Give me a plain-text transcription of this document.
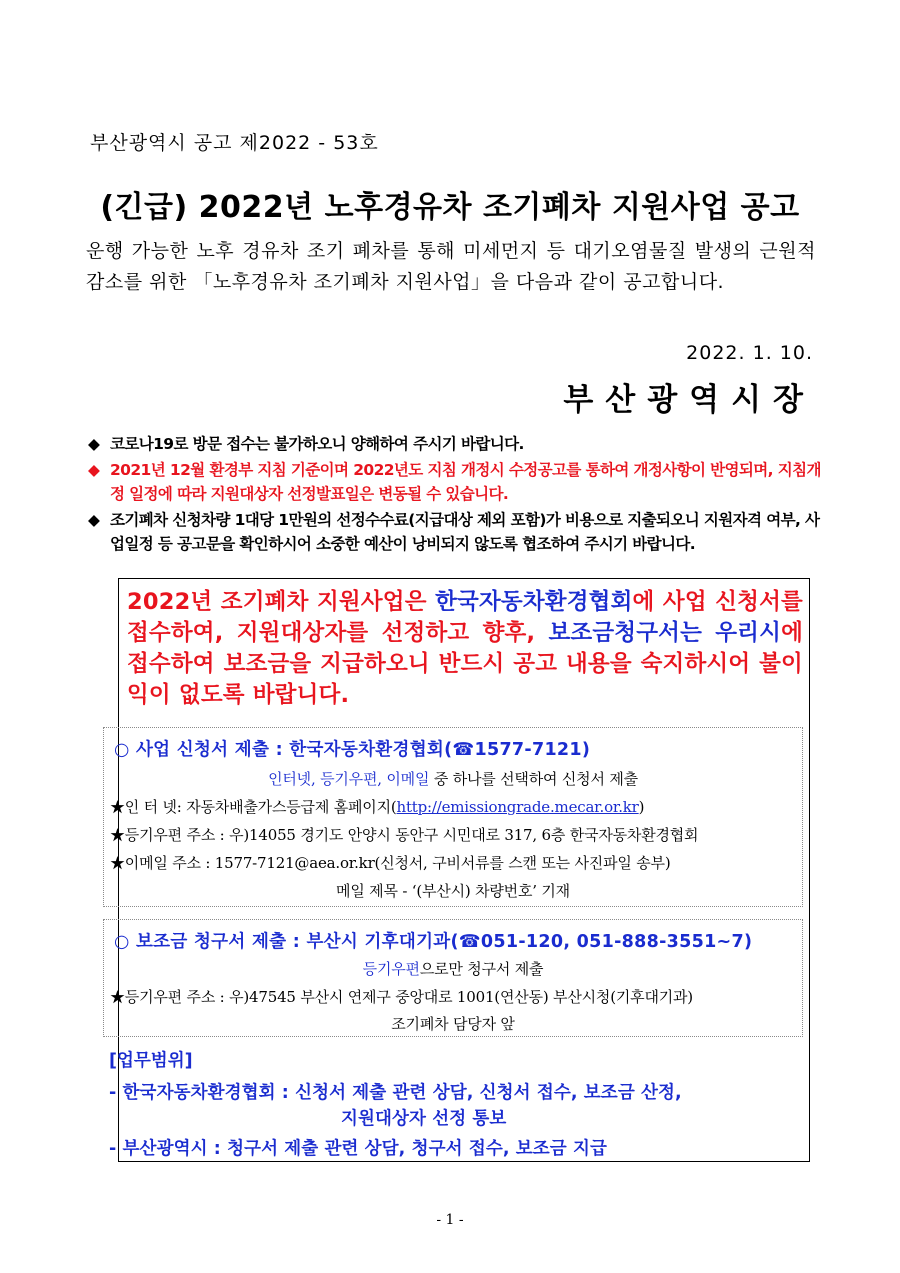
부산광역시 공고 제2022 - 53호
(긴급) 2022년 노후경유차 조기폐차 지원사업 공고
운행 가능한 노후 경유차 조기 폐차를 통해 미세먼지 등 대기오염물질 발생의 근원적 감소를 위한 「노후경유차 조기폐차 지원사업」을 다음과 같이 공고합니다.
2022. 1. 10.
부산광역시장
◆ 코로나19로 방문 접수는 불가하오니 양해하여 주시기 바랍니다.
◆ 2021년 12월 환경부 지침 기준이며 2022년도 지침 개정시 수정공고를 통하여 개정사항이 반영되며, 지침개정 일정에 따라 지원대상자 선정발표일은 변동될 수 있습니다.
◆ 조기폐차 신청차량 1대당 1만원의 선정수수료(지급대상 제외 포함)가 비용으로 지출되오니 지원자격 여부, 사업일정 등 공고문을 확인하시어 소중한 예산이 낭비되지 않도록 협조하여 주시기 바랍니다.
2022년 조기폐차 지원사업은 한국자동차환경협회에 사업 신청서를 접수하여, 지원대상자를 선정하고 향후, 보조금청구서는 우리시에 접수하여 보조금을 지급하오니 반드시 공고 내용을 숙지하시어 불이익이 없도록 바랍니다.
○ 사업 신청서 제출 : 한국자동차환경협회(☎1577-7121)
인터넷, 등기우편, 이메일 중 하나를 선택하여 신청서 제출
★인 터 넷: 자동차배출가스등급제 홈페이지(http://emissiongrade.mecar.or.kr)
★등기우편 주소 : 우)14055 경기도 안양시 동안구 시민대로 317, 6층 한국자동차환경협회
★이메일 주소 : 1577-7121@aea.or.kr(신청서, 구비서류를 스캔 또는 사진파일 송부)
메일 제목 - ‘(부산시) 차량번호’ 기재
○ 보조금 청구서 제출 : 부산시 기후대기과(☎051-120, 051-888-3551~7)
등기우편으로만 청구서 제출
★등기우편 주소 : 우)47545 부산시 연제구 중앙대로 1001(연산동) 부산시청(기후대기과)
조기폐차 담당자 앞
[업무범위]
- 한국자동차환경협회 : 신청서 제출 관련 상담, 신청서 접수, 보조금 산정,
지원대상자 선정 통보
- 부산광역시 : 청구서 제출 관련 상담, 청구서 접수, 보조금 지급
- 1 -
